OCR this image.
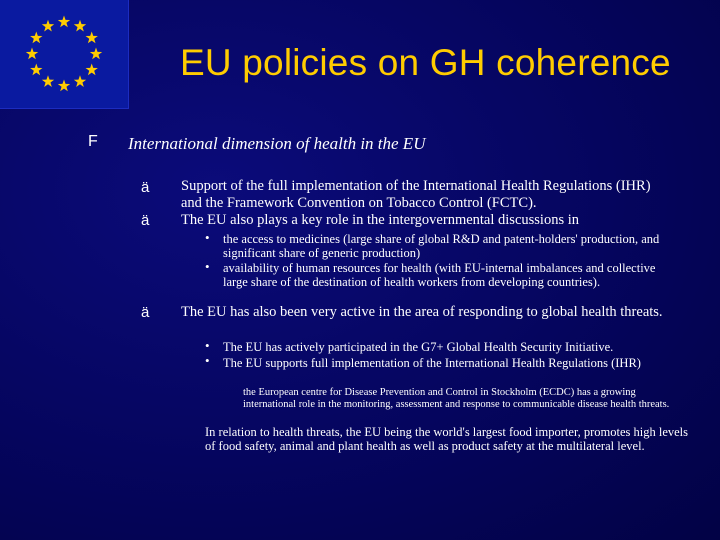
EU policies on GH coherence
F International dimension of health in the EU
ä Support of the full implementation of the International Health Regulations (IHR) and the Framework Convention on Tobacco Control (FCTC).
ä The EU also plays a key role in the intergovernmental discussions in
• the access to medicines (large share of global R&D and patent-holders' production, and significant share of generic production)
• availability of human resources for health (with EU-internal imbalances and collective large share of the destination of health workers from developing countries).
ä The EU has also been very active in the area of responding to global health threats.
• The EU has actively participated in the G7+ Global Health Security Initiative.
• The EU supports full implementation of the International Health Regulations (IHR)
the European centre for Disease Prevention and Control in Stockholm (ECDC) has a growing international role in the monitoring, assessment and response to communicable disease health threats.
In relation to health threats, the EU being the world's largest food importer, promotes high levels of food safety, animal and plant health as well as product safety at the multilateral level.
